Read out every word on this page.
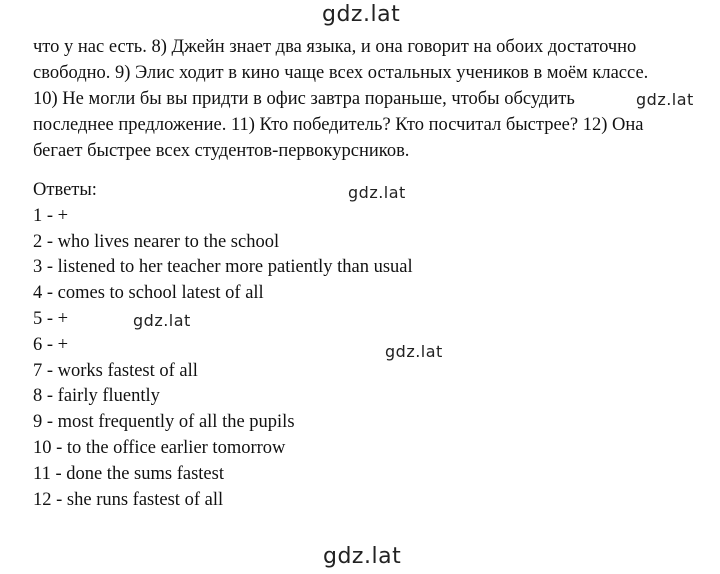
gdz.lat
что у нас есть. 8) Джейн знает два языка, и она говорит на обоих достаточно
свободно. 9) Элис ходит в кино чаще всех остальных учеников в моём классе.
10) Не могли бы вы придти в офис завтра пораньше, чтобы обсудить
последнее предложение. 11) Кто победитель? Кто посчитал быстрее? 12) Она
бегает быстрее всех студентов-первокурсников.
gdz.lat
Ответы:
1 - +
2 - who lives nearer to the school
3 - listened to her teacher more patiently than usual
4 - comes to school latest of all
5 - +
6 - +
7 - works fastest of all
8 - fairly fluently
9 - most frequently of all the pupils
10 - to the office earlier tomorrow
11 - done the sums fastest
12 - she runs fastest of all
gdz.lat
gdz.lat
gdz.lat
gdz.lat
